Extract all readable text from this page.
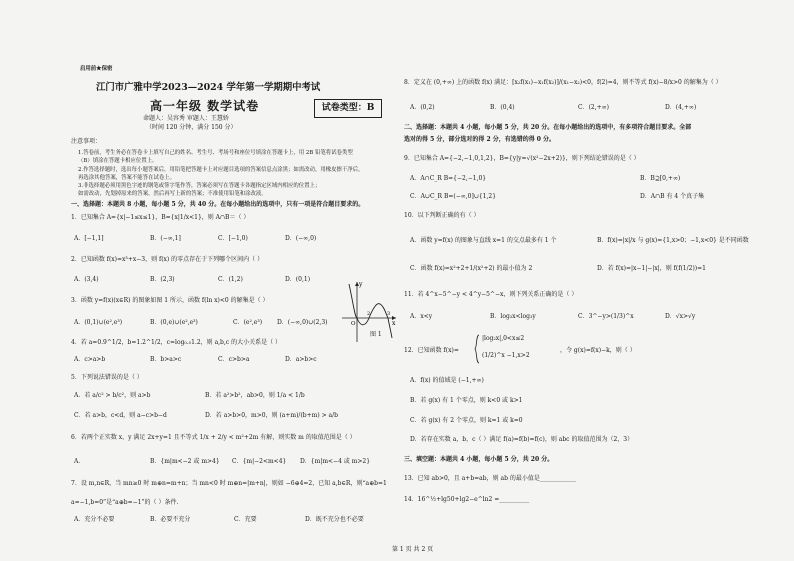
启用前★保密
江门市广雅中学2023—2024 学年第一学期期中考试
高一年级 数学试卷
命题人：吴容秀 审题人：王慧娇
（时间 120 分钟，满分 150 分）
试卷类型：B
注意事项：
1.答卷前，考生务必在答卷卡上填写自己的姓名、考生号、考场号和座位号填涂在答题卡上，用 2B 铅笔将试卷类型
（B）填涂在答题卡相应位置上。
2.作答选择题时，选出每小题答案后，用铅笔把答题卡上对应题目选项的答案信息点涂黑；如需改动，用橡皮擦干净后，
再选涂其他答案，答案不能答在试卷上。
3.非选择题必须用黑色字迹的钢笔或签字笔作答，答案必须写在答题卡各题指定区域内相应的位置上；
如需改动，先划掉原来的答案，然后再写上新的答案；不准使用铅笔和涂改液。
一、选择题：本题共 8 小题，每小题 5 分，共 40 分。在每小题给出的选项中，只有一项是符合题目要求的。
1．已知集合 A={x|−1≤x≤1}，B={x|1/x<1}，则 A∩B＝（ ）
A．[−1,1]	B．(−∞,1]	C．[−1,0)	D．(−∞,0)
2．已知函数 f(x)=x³+x−3，则 f(x) 的零点存在于下列哪个区间内（ ）
A．(3,4)	B．(2,3)	C．(1,2)	D．(0,1)
3．函数 y=f(x)(x∈R) 的图象如图 1 所示，函数 f(ln x)<0 的解集是（ ）
A．(0,1)∪(e²,e³)	B．(0,e)∪(e²,e³)	C．(e²,e³) D．(−∞,0)∪(2,3)
y
x
O
2	3
图 1
4．若 a=0.9^1/2，b=1.2^1/2，c=log₀.₅1.2，则 a,b,c 的大小关系是（ ）
A．c>a>b	B．b>a>c	C．c>b>a	D．a>b>c
5．下列说法错误的是（ ）
A．若 a/c² > b/c²，则 a>b	B．若 a²>b²，ab>0，则 1/a < 1/b
C．若 a>b，c<d，则 a−c>b−d	D．若 a>b>0，m>0，则 (a+m)/(b+m) > a/b
6．若两个正实数 x，y 满足 2x+y=1 且不等式 1/x + 2/y < m²+2m 有解，则实数 m 的取值范围是（ ）
A．	B．{m|m<−2 或 m>4} C．{m|−2<m<4} D．{m|m<−4 或 m>2}
7．设 m,n∈R，当 mn≥0 时 m⊕n=m+n；当 mn<0 时 m⊕n=|m+n|，则如 −6⊕4=2，已知 a,b∈R，则“a⊕b=1
a=−1,b=0”是“a⊕b=−1”的（ ）条件.
A．充分不必要	B．必要不充分	C．充要	D．既不充分也不必要
8．定义在 (0,+∞) 上的函数 f(x) 满足：[x₂f(x₁)−x₁f(x₂)]/(x₁−x₂)<0，f(2)=4，则不等式 f(x)−8/x>0 的解集为（ ）
A．(0,2)	B．(0,4)	C．(2,+∞)	D．(4,+∞)
二、选择题：本题共 4 小题，每小题 5 分，共 20 分。在每小题给出的选项中，有多项符合题目要求。全部
选对的得 5 分，部分选对的得 2 分，有选错的得 0 分。
9．已知集合 A={−2,−1,0,1,2}，B={y|y=√(x²−2x+2)}，则下列结论错误的是（ ）
A．A∩C_R B={−2,−1,0}	B．B⊇[0,+∞)
C．A∪C_R B=(−∞,0]∪{1,2}	D．A∩B 有 4 个真子集
10．以下判断正确的有（ ）
A．函数 y=f(x) 的图象与直线 x=1 的交点最多有 1 个	B．f(x)=|x|/x 与 g(x)={1,x>0；−1,x<0} 是不同函数
C．函数 f(x)=x²+2+1/(x²+2) 的最小值为 2	D．若 f(x)=|x−1|−|x|，则 f(f(1/2))=1
11．若 4^x−5^−y < 4^y−5^−x，则下列关系正确的是（ ）
A．x<y	B．log₃x<log₃y	C．3^−y>(1/3)^x	D．√x>√y
12．已知函数 f(x)=
|log₂x|,0<x≤2
(1/2)^x −1,x>2
，令 g(x)=f(x)−k，则（ ）
A．f(x) 的值域是 (−1,+∞)
B．若 g(x) 有 1 个零点，则 k<0 或 k>1
C．若 g(x) 有 2 个零点，则 k=1 或 k=0
D．若存在实数 a，b，c（ ）满足 f(a)=f(b)=f(c)，则 abc 的取值范围为（2，3）
三、填空题：本题共 4 小题，每小题 5 分，共 20 分。
13．已知 ab>0，且 a+b=ab，则 ab 的最小值是____________
14．16^½+lg50+lg2−e^ln2 =__________
第 1 页 共 2 页
